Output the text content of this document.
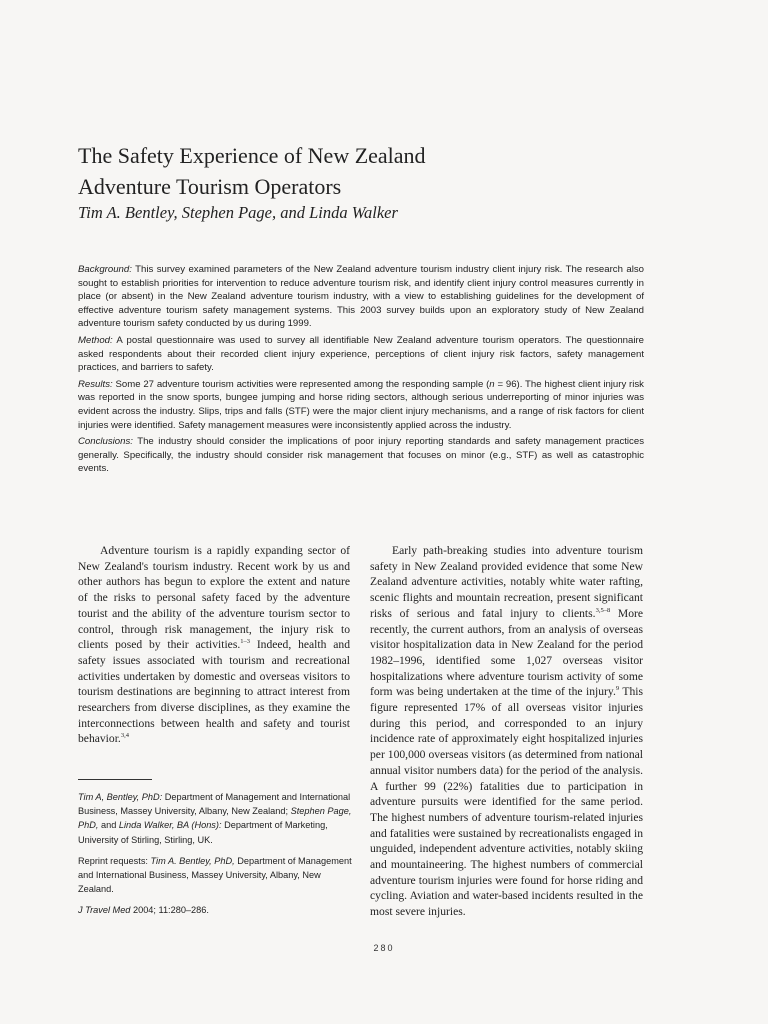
The Safety Experience of New Zealand
Adventure Tourism Operators
Tim A. Bentley, Stephen Page, and Linda Walker

Background: This survey examined parameters of the New Zealand adventure tourism industry client injury risk. The research also sought to establish priorities for intervention to reduce adventure tourism risk, and identify client injury control measures currently in place (or absent) in the New Zealand adventure tourism industry, with a view to establishing guidelines for the development of effective adventure tourism safety management systems. This 2003 survey builds upon an exploratory study of New Zealand adventure tourism safety conducted by us during 1999.

Method: A postal questionnaire was used to survey all identifiable New Zealand adventure tourism operators. The questionnaire asked respondents about their recorded client injury experience, perceptions of client injury risk factors, safety management practices, and barriers to safety.

Results: Some 27 adventure tourism activities were represented among the responding sample (n = 96). The highest client injury risk was reported in the snow sports, bungee jumping and horse riding sectors, although serious underreporting of minor injuries was evident across the industry. Slips, trips and falls (STF) were the major client injury mechanisms, and a range of risk factors for client injuries were identified. Safety management measures were inconsistently applied across the industry.

Conclusions: The industry should consider the implications of poor injury reporting standards and safety management practices generally. Specifically, the industry should consider risk management that focuses on minor (e.g., STF) as well as catastrophic events.

Adventure tourism is a rapidly expanding sector of New Zealand's tourism industry. Recent work by us and other authors has begun to explore the extent and nature of the risks to personal safety faced by the adventure tourist and the ability of the adventure tourism sector to control, through risk management, the injury risk to clients posed by their activities.$^{1-3}$ Indeed, health and safety issues associated with tourism and recreational activities undertaken by domestic and overseas visitors to tourism destinations are beginning to attract interest from researchers from diverse disciplines, as they examine the interconnections between health and safety and tourist behavior.$^{3,4}$

Tim A, Bentley, PhD: Department of Management and International Business, Massey University, Albany, New Zealand; Stephen Page, PhD, and Linda Walker, BA (Hons): Department of Marketing, University of Stirling, Stirling, UK.

Reprint requests: Tim A. Bentley, PhD, Department of Management and International Business, Massey University, Albany, New Zealand.

J Travel Med 2004; 11:280–286.

Early path-breaking studies into adventure tourism safety in New Zealand provided evidence that some New Zealand adventure activities, notably white water rafting, scenic flights and mountain recreation, present significant risks of serious and fatal injury to clients.$^{3,5-8}$ More recently, the current authors, from an analysis of overseas visitor hospitalization data in New Zealand for the period 1982–1996, identified some 1,027 overseas visitor hospitalizations where adventure tourism activity of some form was being undertaken at the time of the injury.$^9$ This figure represented 17% of all overseas visitor injuries during this period, and corresponded to an injury incidence rate of approximately eight hospitalized injuries per 100,000 overseas visitors (as determined from national annual visitor numbers data) for the period of the analysis. A further 99 (22%) fatalities due to participation in adventure pursuits were identified for the same period. The highest numbers of adventure tourism-related injuries and fatalities were sustained by recreationalists engaged in unguided, independent adventure activities, notably skiing and mountaineering. The highest numbers of commercial adventure tourism injuries were found for horse riding and cycling. Aviation and water-based incidents resulted in the most severe injuries.

280
